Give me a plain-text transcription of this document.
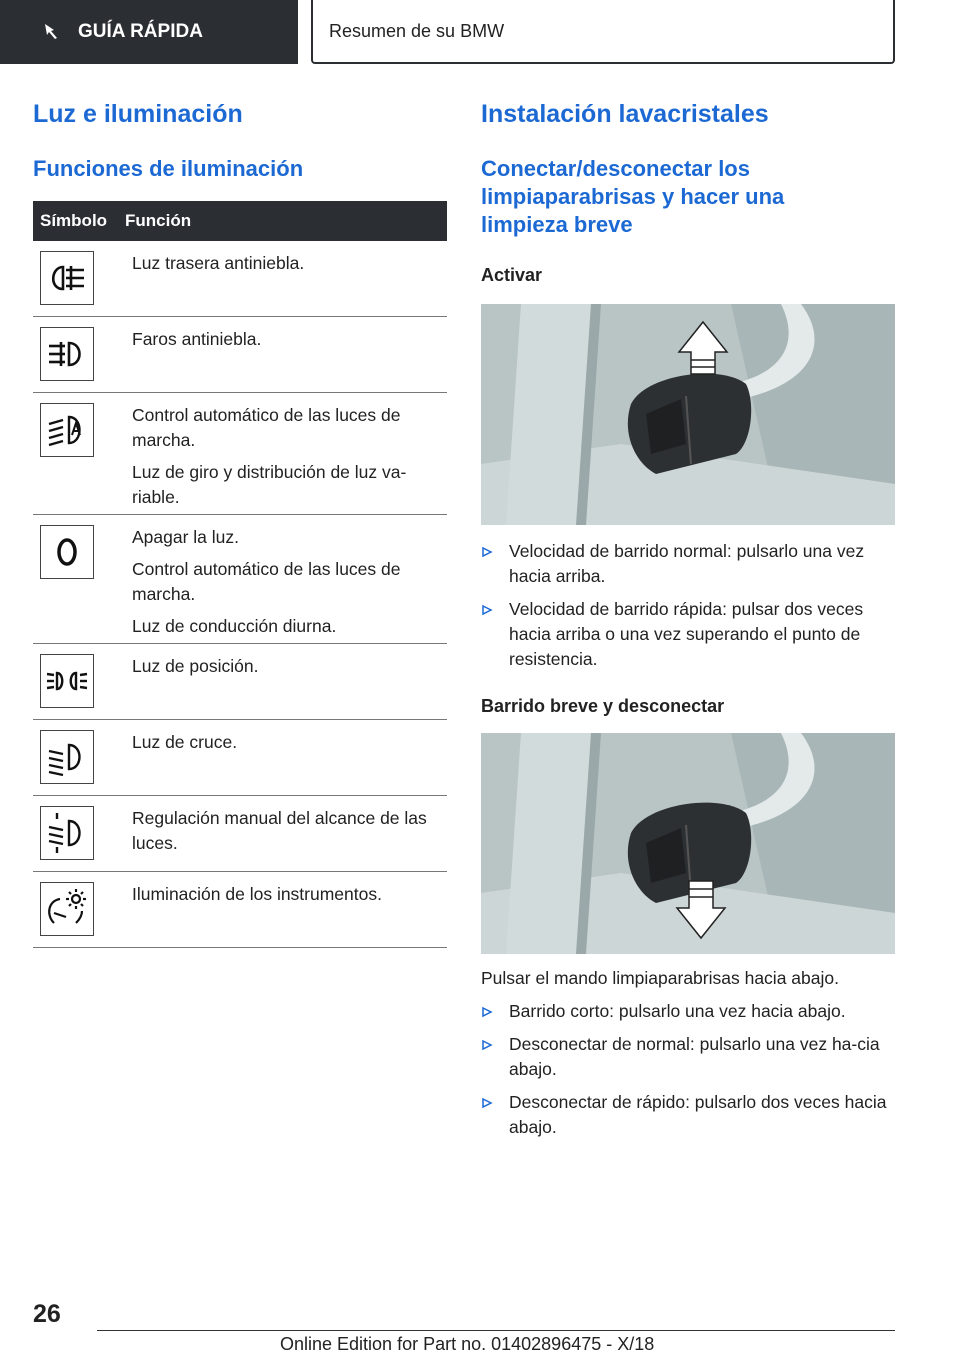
GUÍA RÁPIDA	Resumen de su BMW
Luz e iluminación
Funciones de iluminación
Símbolo	Función

Luz trasera antiniebla.

Faros antiniebla.

Control automático de las luces de marcha.

Luz de giro y distribución de luz va-riable.

Apagar la luz.

Control automático de las luces de marcha.

Luz de conducción diurna.

Luz de posición.

Luz de cruce.

Regulación manual del alcance de las luces.

Iluminación de los instrumentos.

Instalación lavacristales
Conectar/desconectar los limpiaparabrisas y hacer una limpieza breve
Activar
Velocidad de barrido normal: pulsarlo una vez hacia arriba.
Velocidad de barrido rápida: pulsar dos veces hacia arriba o una vez superando el punto de resistencia.
Barrido breve y desconectar

Pulsar el mando limpiaparabrisas hacia abajo.

Barrido corto: pulsarlo una vez hacia abajo.
Desconectar de normal: pulsarlo una vez ha-cia abajo.
Desconectar de rápido: pulsarlo dos veces hacia abajo.
26
Online Edition for Part no. 01402896475 - X/18
